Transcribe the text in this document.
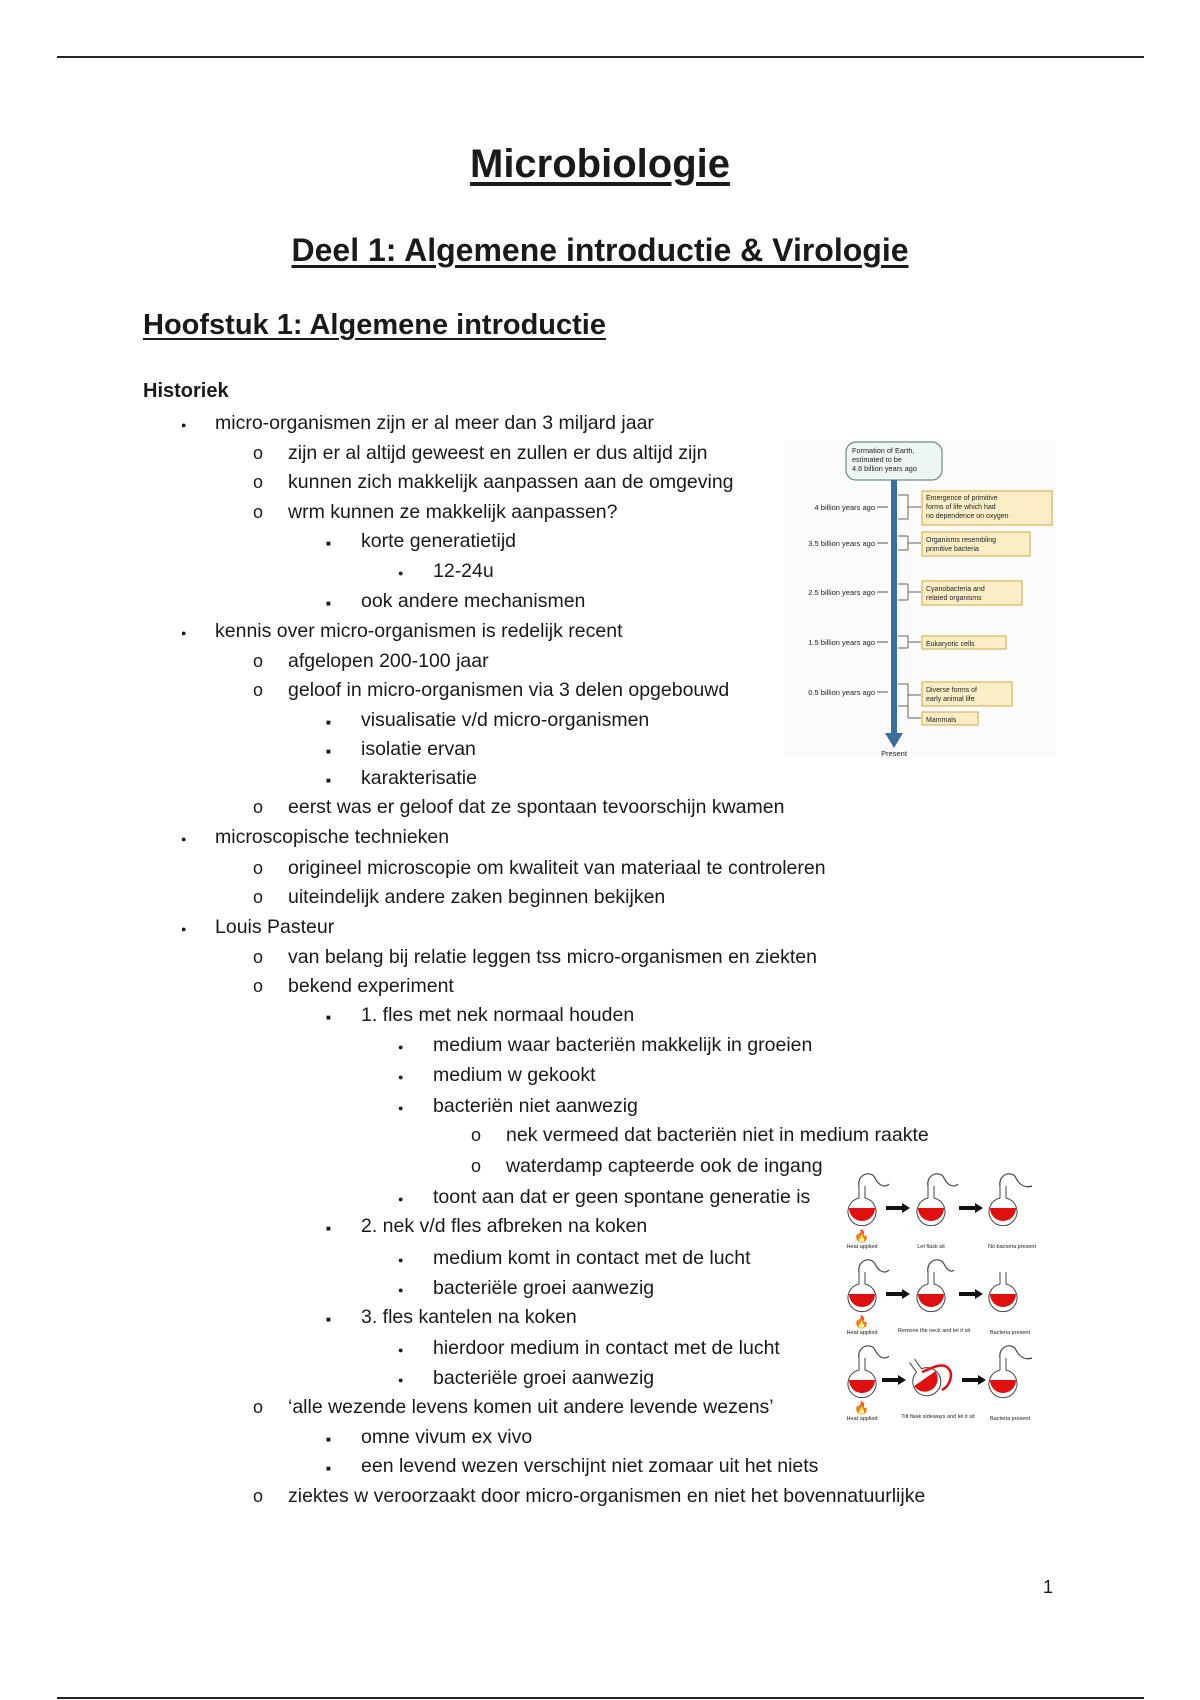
Microbiologie
Deel 1: Algemene introductie & Virologie
Hoofstuk 1: Algemene introductie
Historiek
●
micro-organismen zijn er al meer dan 3 miljard jaar
o
zijn er al altijd geweest en zullen er dus altijd zijn
o
kunnen zich makkelijk aanpassen aan de omgeving
o
wrm kunnen ze makkelijk aanpassen?
■
korte generatietijd
●
12-24u
■
ook andere mechanismen
●
kennis over micro-organismen is redelijk recent
o
afgelopen 200-100 jaar
o
geloof in micro-organismen via 3 delen opgebouwd
■
visualisatie v/d micro-organismen
■
isolatie ervan
■
karakterisatie
o
eerst was er geloof dat ze spontaan tevoorschijn kwamen
●
microscopische technieken
o
origineel microscopie om kwaliteit van materiaal te controleren
o
uiteindelijk andere zaken beginnen bekijken
●
Louis Pasteur
o
van belang bij relatie leggen tss micro-organismen en ziekten
o
bekend experiment
■
1. fles met nek normaal houden
●
medium waar bacteriën makkelijk in groeien
●
medium w gekookt
●
bacteriën niet aanwezig
o
nek vermeed dat bacteriën niet in medium raakte
o
waterdamp capteerde ook de ingang
●
toont aan dat er geen spontane generatie is
■
2. nek v/d fles afbreken na koken
●
medium komt in contact met de lucht
●
bacteriële groei aanwezig
■
3. fles kantelen na koken
●
hierdoor medium in contact met de lucht
●
bacteriële groei aanwezig
o
‘alle wezende levens komen uit andere levende wezens’
■
omne vivum ex vivo
■
een levend wezen verschijnt niet zomaar uit het niets
o
ziektes w veroorzaakt door micro-organismen en niet het bovennatuurlijke
Formation of Earth, estimated to be 4.6 billion years ago
Present
4 billion years ago
3.5 billion years ago
2.5 billion years ago
1.5 billion years ago
0.5 billion years ago
Emergence of primitive forms of life which had no dependence on oxygen
Organisms resembling primitive bacteria
Cyanobacteria and related organisms
Eukaryotic cells
Diverse forms of early animal life
Mammals
🔥
Heat applied	Let flask sit	No bacteria present
🔥
Heat applied	Remove the neck and let it sit	Bacteria present
🔥
Heat applied	Tilt flask sideways and let it sit	Bacteria present
1
